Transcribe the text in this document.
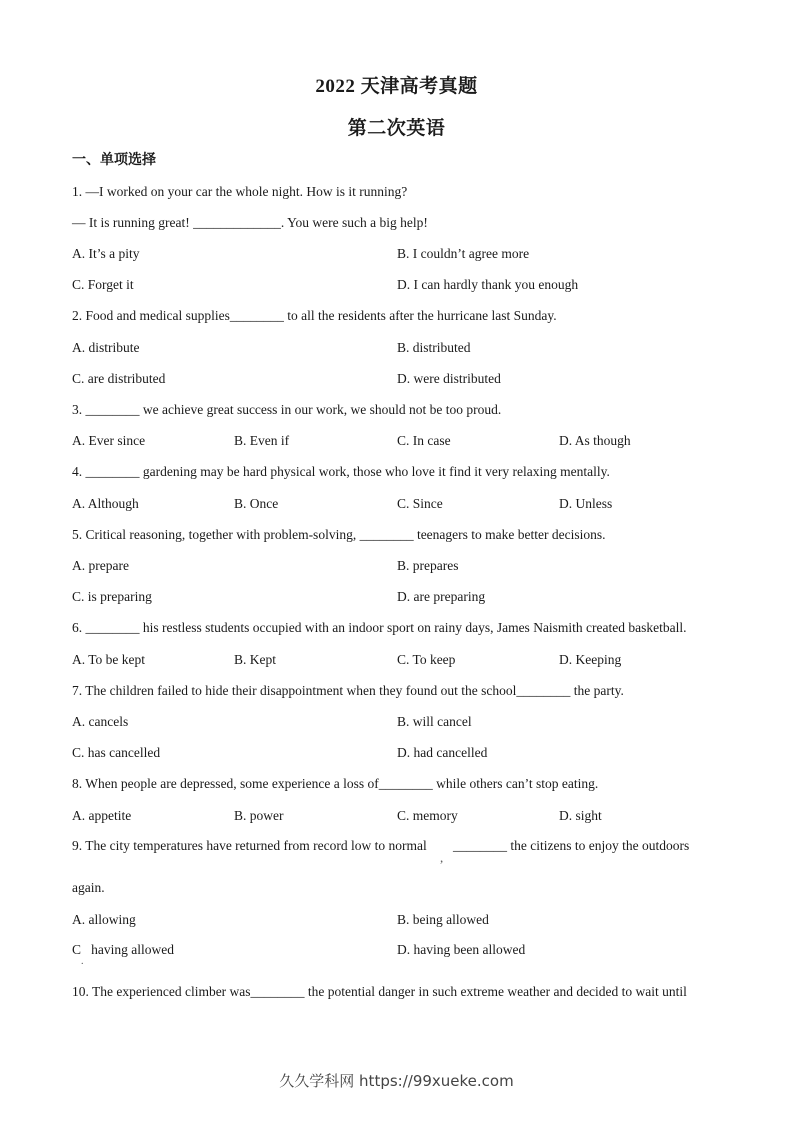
2022 天津高考真题
第二次英语
一、单项选择
1. —I worked on your car the whole night. How is it running?
— It is running great! _____________. You were such a big help!
A. It’s a pity	B. I couldn’t agree more
C. Forget it	D. I can hardly thank you enough
2. Food and medical supplies________ to all the residents after the hurricane last Sunday.
A. distribute	B. distributed
C. are distributed	D. were distributed
3. ________ we achieve great success in our work, we should not be too proud.
A. Ever since	B. Even if	C. In case	D. As though
4. ________ gardening may be hard physical work, those who love it find it very relaxing mentally.
A. Although	B. Once	C. Since	D. Unless
5. Critical reasoning, together with problem-solving, ________ teenagers to make better decisions.
A. prepare	B. prepares
C. is preparing	D. are preparing
6. ________ his restless students occupied with an indoor sport on rainy days, James Naismith created basketball.
A. To be kept	B. Kept	C. To keep	D. Keeping
7. The children failed to hide their disappointment when they found out the school________ the party.
A. cancels	B. will cancel
C. has cancelled	D. had cancelled
8. When people are depressed, some experience a loss of________ while others can’t stop eating.
A. appetite	B. power	C. memory	D. sight
9. The city temperatures have returned from record low to normal
,
________ the citizens to enjoy the outdoors
again.
A. allowing	B. being allowed
C   having allowed	D. having been allowed
.
10. The experienced climber was________ the potential danger in such extreme weather and decided to wait until
久久学科网 https://99xueke.com
